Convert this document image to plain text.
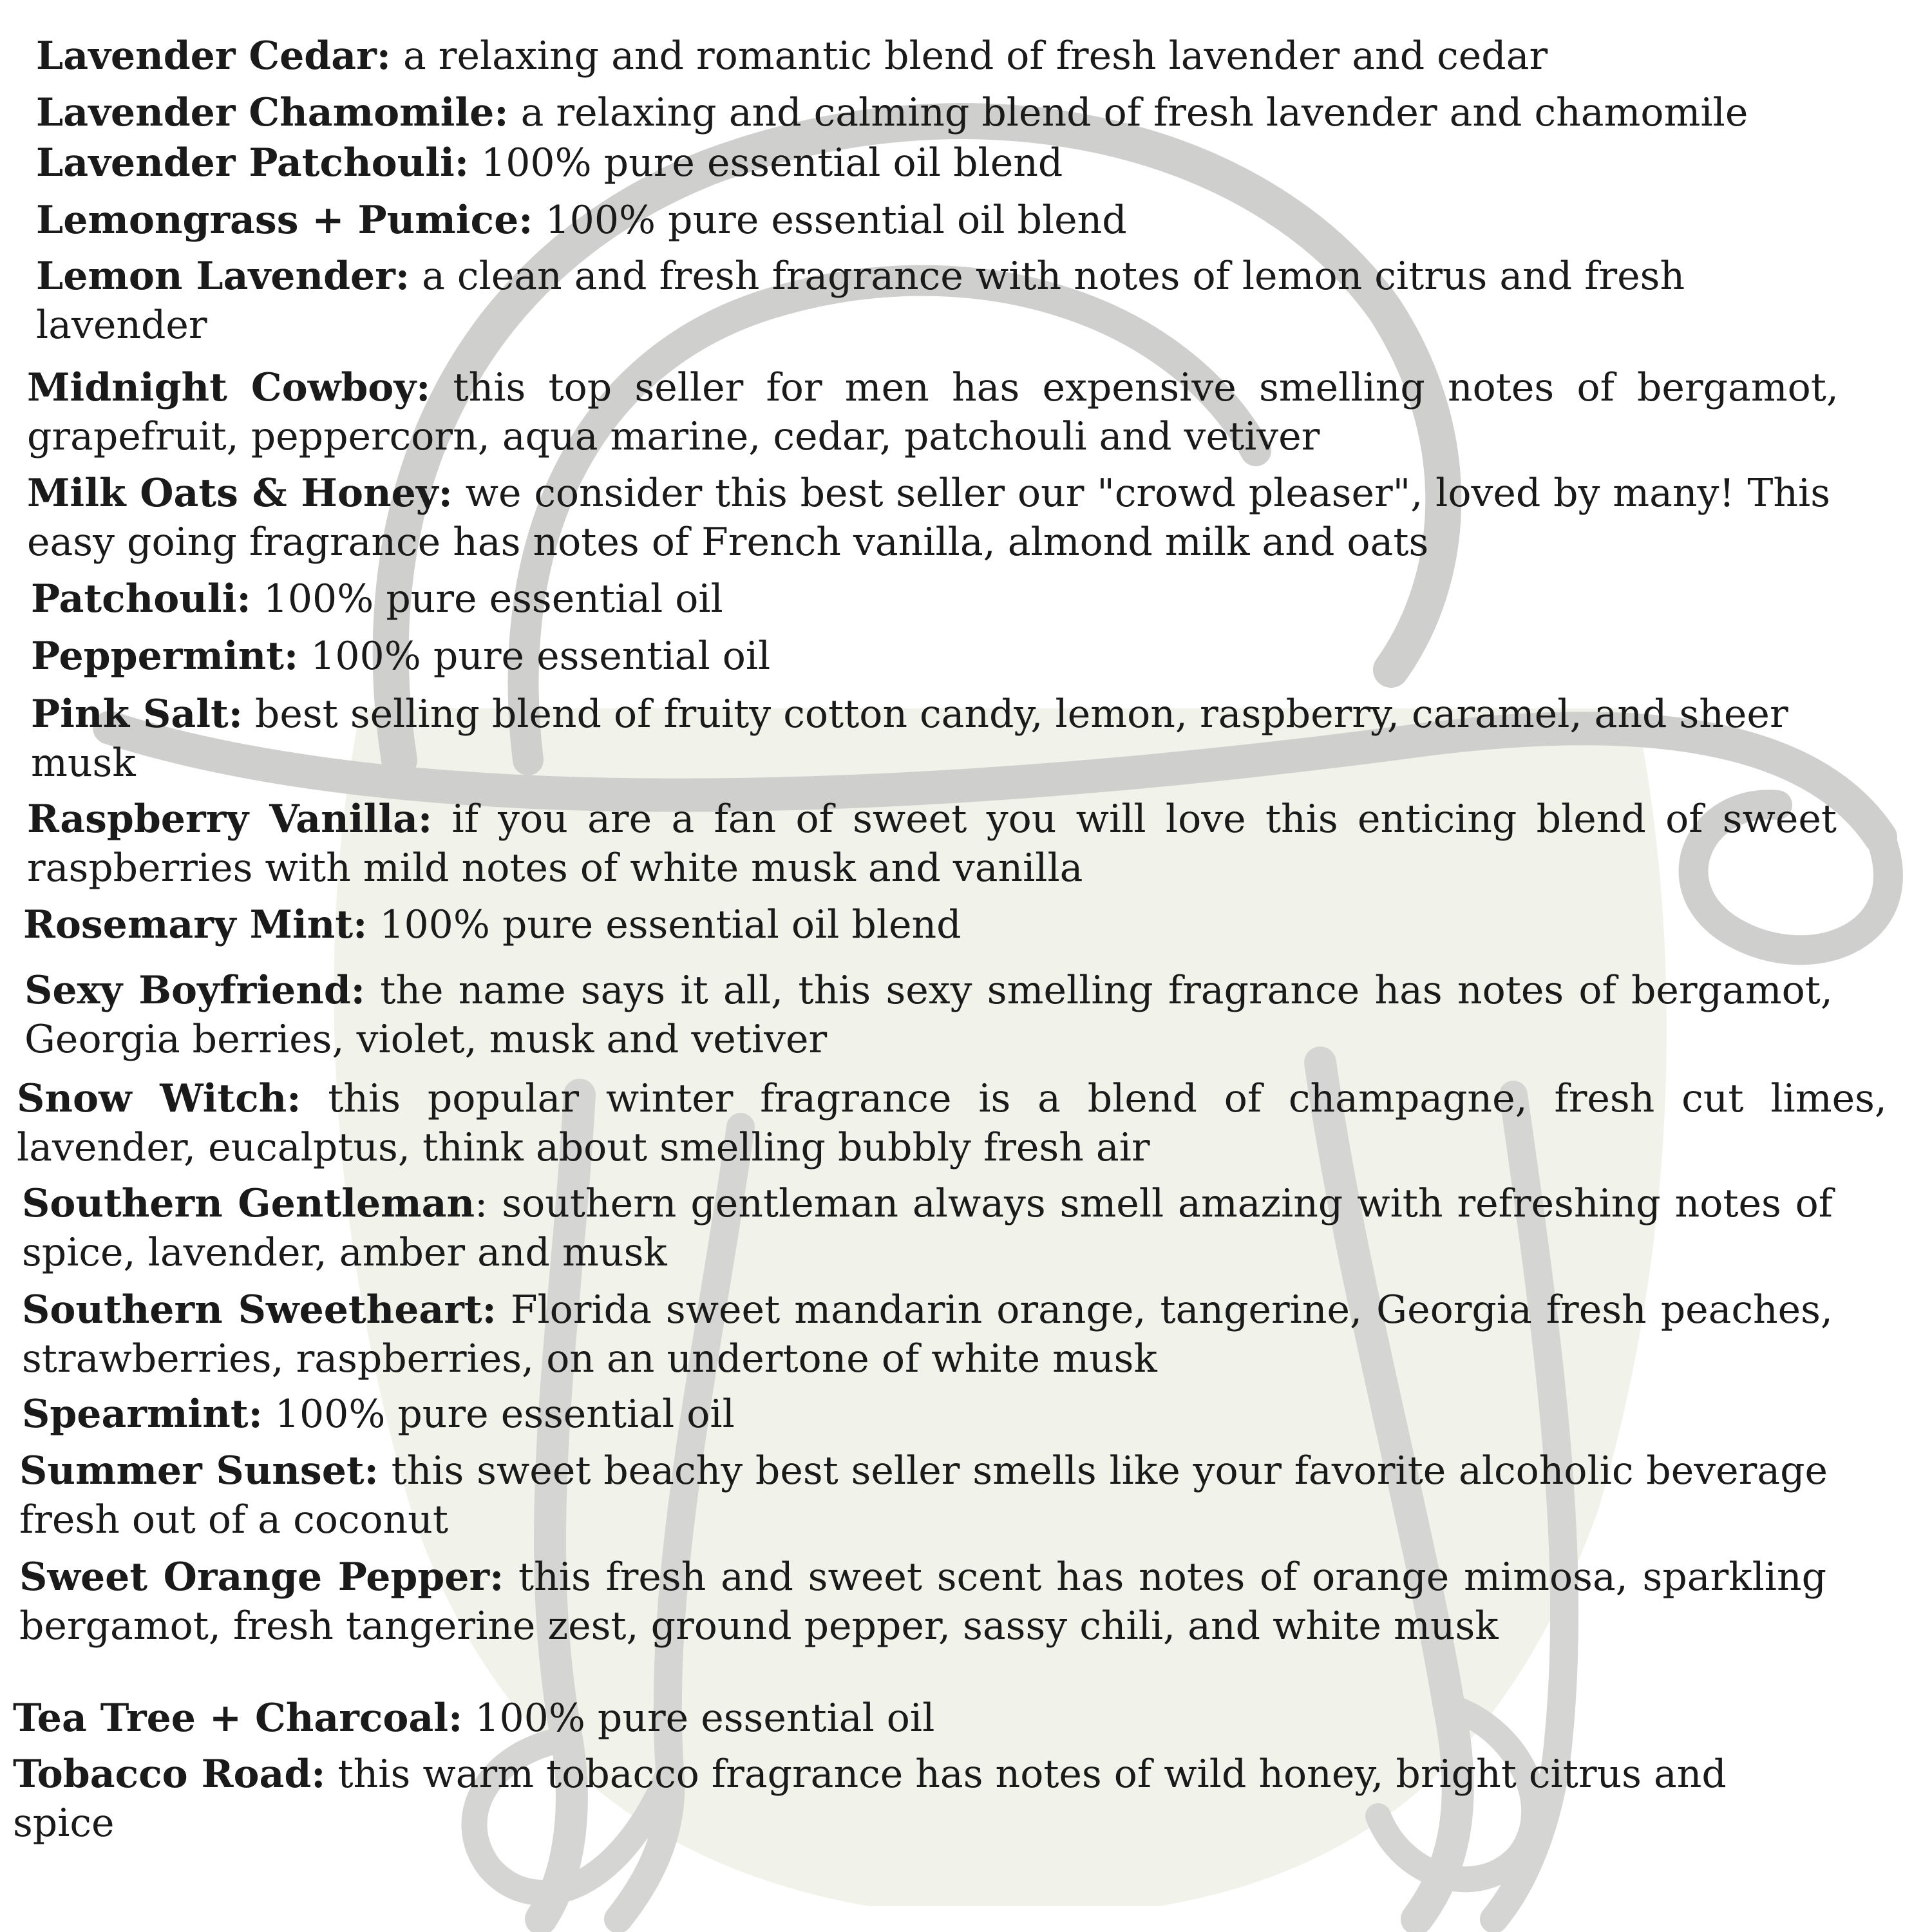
Lavender Cedar: a relaxing and romantic blend of fresh lavender and cedar

Lavender Chamomile: a relaxing and calming blend of fresh lavender and chamomile

Lavender Patchouli: 100% pure essential oil blend

Lemongrass + Pumice: 100% pure essential oil blend

Lemon Lavender: a clean and fresh fragrance with notes of lemon citrus and fresh lavender

Midnight Cowboy: this top seller for men has expensive smelling notes of bergamot, grapefruit, peppercorn, aqua marine, cedar, patchouli and vetiver

Milk Oats & Honey: we consider this best seller our "crowd pleaser", loved by many! This easy going fragrance has notes of French vanilla, almond milk and oats

Patchouli: 100% pure essential oil

Peppermint: 100% pure essential oil

Pink Salt: best selling blend of fruity cotton candy, lemon, raspberry, caramel, and sheer musk

Raspberry Vanilla: if you are a fan of sweet you will love this enticing blend of sweet raspberries with mild notes of white musk and vanilla

Rosemary Mint: 100% pure essential oil blend

Sexy Boyfriend: the name says it all, this sexy smelling fragrance has notes of bergamot, Georgia berries, violet, musk and vetiver

Snow Witch: this popular winter fragrance is a blend of champagne, fresh cut limes, lavender, eucalptus, think about smelling bubbly fresh air

Southern Gentleman: southern gentleman always smell amazing with refreshing notes of spice, lavender, amber and musk

Southern Sweetheart: Florida sweet mandarin orange, tangerine, Georgia fresh peaches, strawberries, raspberries, on an undertone of white musk

Spearmint: 100% pure essential oil

Summer Sunset: this sweet beachy best seller smells like your favorite alcoholic beverage fresh out of a coconut

Sweet Orange Pepper: this fresh and sweet scent has notes of orange mimosa, sparkling bergamot, fresh tangerine zest, ground pepper, sassy chili, and white musk

Tea Tree + Charcoal: 100% pure essential oil

Tobacco Road: this warm tobacco fragrance has notes of wild honey, bright citrus and spice
